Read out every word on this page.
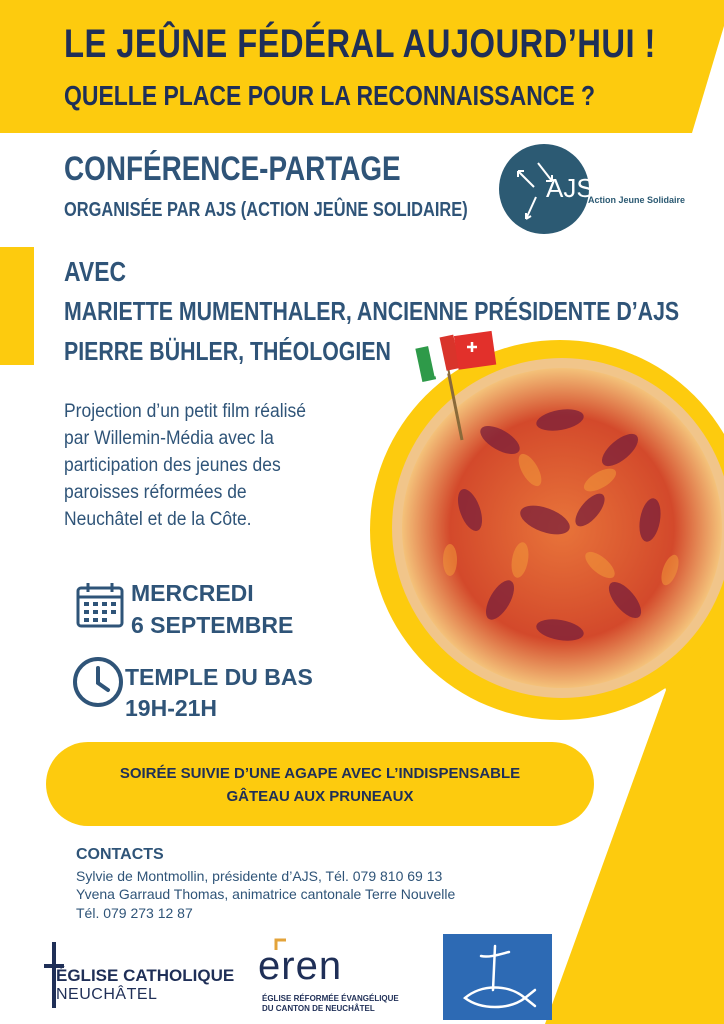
LE JEÛNE FÉDÉRAL AUJOURD’HUI !
QUELLE PLACE POUR LA RECONNAISSANCE ?
CONFÉRENCE-PARTAGE
ORGANISÉE PAR AJS (ACTION JEÛNE SOLIDAIRE)
AJS
Action Jeune Solidaire
AVEC
MARIETTE MUMENTHALER, ANCIENNE PRÉSIDENTE D’AJS
PIERRE BÜHLER, THÉOLOGIEN
Projection d’un petit film réalisé
par Willemin-Média avec la
participation des jeunes des
paroisses réformées de
Neuchâtel et de la Côte.
MERCREDI
6 SEPTEMBRE
TEMPLE DU BAS
19H-21H
SOIRÉE SUIVIE D’UNE AGAPE AVEC L’INDISPENSABLE
GÂTEAU AUX PRUNEAUX
CONTACTS
Sylvie de Montmollin, présidente d’AJS, Tél. 079 810 69 13
Yvena Garraud Thomas, animatrice cantonale Terre Nouvelle
Tél. 079 273 12 87
ÉGLISE CATHOLIQUE
NEUCHÂTEL
eren
ÉGLISE RÉFORMÉE ÉVANGÉLIQUE
DU CANTON DE NEUCHÂTEL
